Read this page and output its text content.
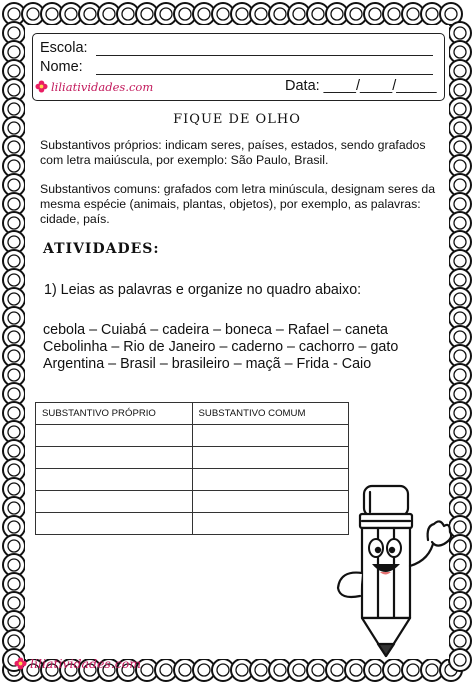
Escola:
Nome:
Data: ____/____/_____
liliatividades.com
FIQUE DE OLHO
Substantivos próprios: indicam seres, países, estados, sendo grafados com letra maiúscula, por exemplo: São Paulo, Brasil.
Substantivos comuns: grafados com letra minúscula, designam seres da mesma espécie (animais, plantas, objetos), por exemplo, as palavras: cidade, país.
ATIVIDADES:
1) Leias as palavras e organize no quadro abaixo:
cebola – Cuiabá – cadeira – boneca – Rafael – caneta
Cebolinha – Rio de Janeiro – caderno – cachorro – gato
Argentina – Brasil – brasileiro – maçã – Frida - Caio
SUBSTANTIVO PRÓPRIO	SUBSTANTIVO COMUM

liliatividades.com
